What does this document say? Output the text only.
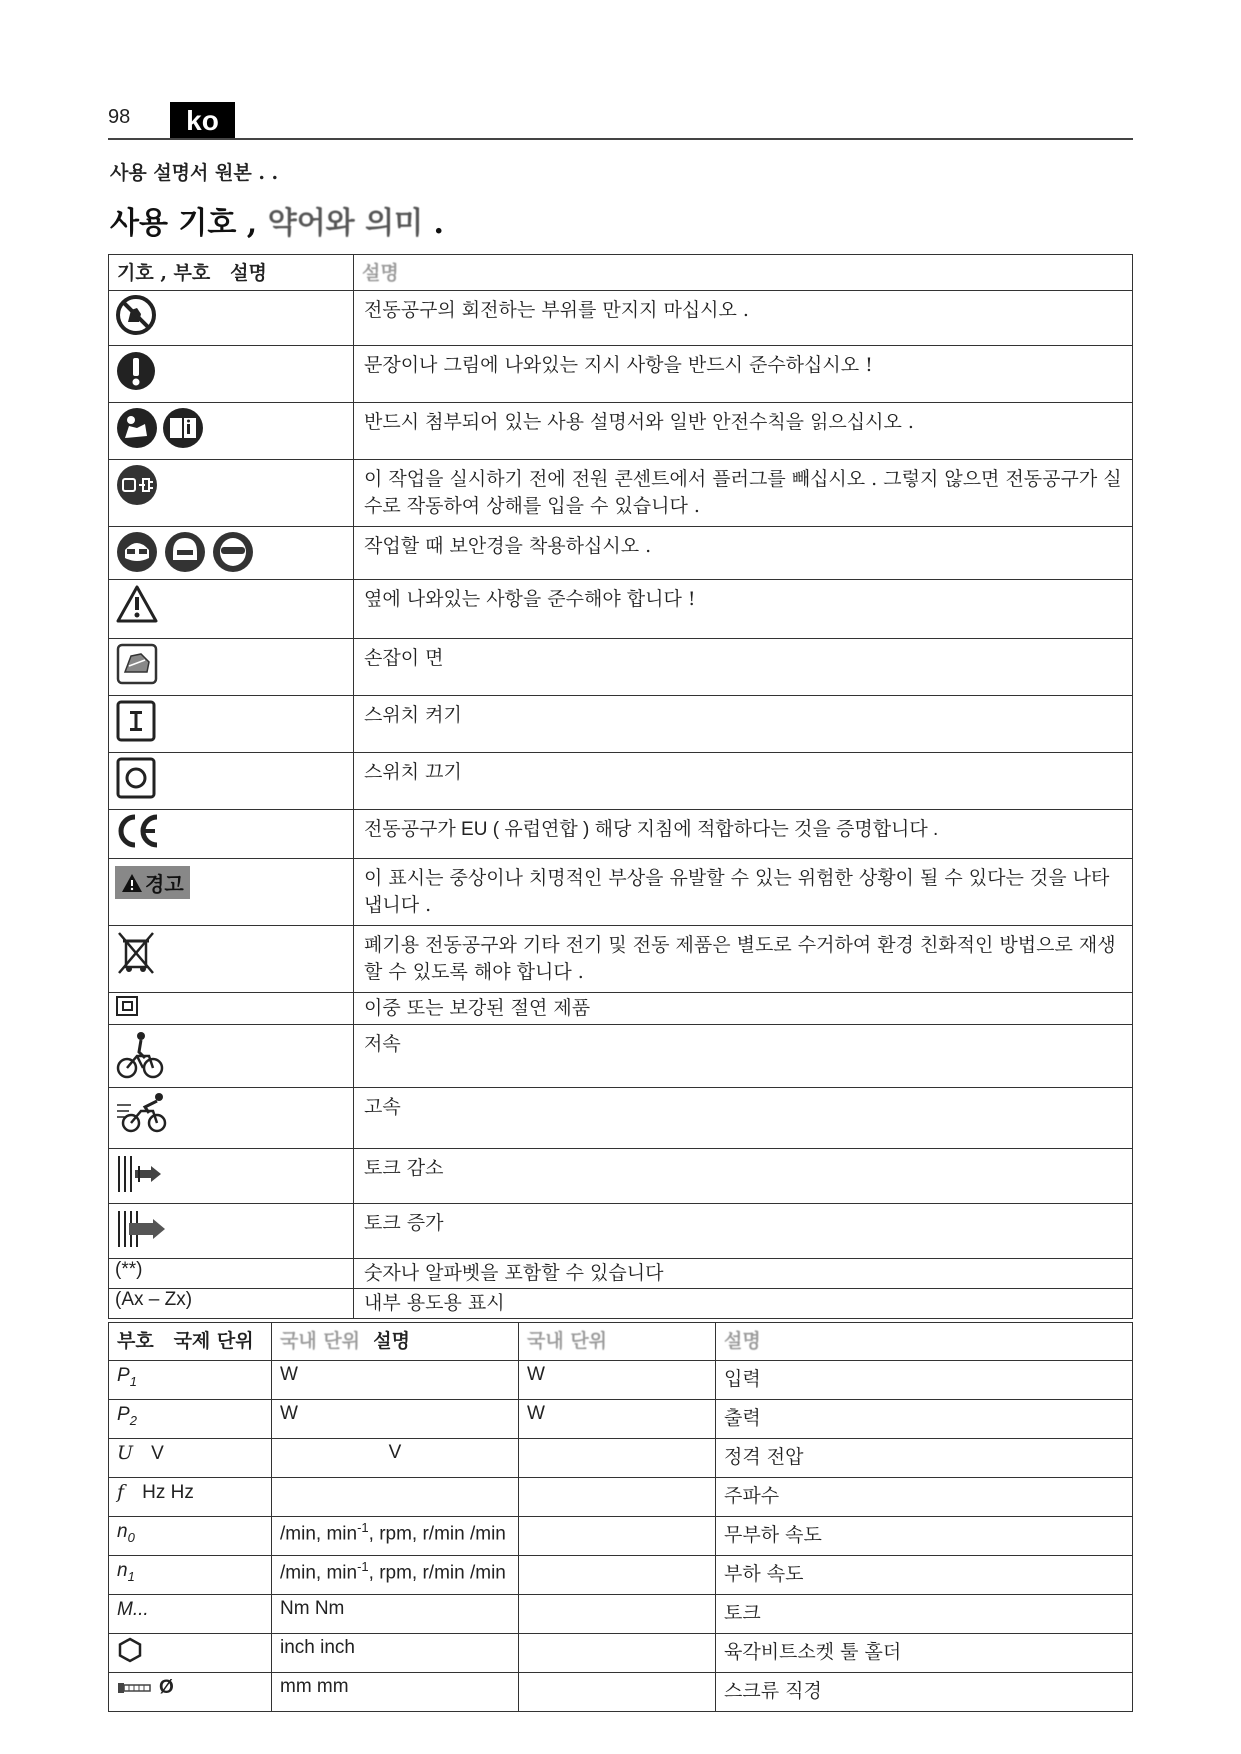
98	ko
사용 설명서 원본 . .
사용 기호 , 약어와 의미 .
기호 , 부호 설명	설명
	전동공구의 회전하는 부위를 만지지 마십시오 .
	문장이나 그림에 나와있는 지시 사항을 반드시 준수하십시오 !
	반드시 첨부되어 있는 사용 설명서와 일반 안전수칙을 읽으십시오 .
	이 작업을 실시하기 전에 전원 콘센트에서 플러그를 빼십시오 . 그렇지 않으면 전동공구가 실수로 작동하여 상해를 입을 수 있습니다 .
	작업할 때 보안경을 착용하십시오 .
	옆에 나와있는 사항을 준수해야 합니다 !
	손잡이 면
	스위치 켜기
	스위치 끄기
	전동공구가 EU ( 유럽연합 ) 해당 지침에 적합하다는 것을 증명합니다 .

경고	이 표시는 중상이나 치명적인 부상을 유발할 수 있는 위험한 상황이 될 수 있다는 것을 나타냅니다 .
	폐기용 전동공구와 기타 전기 및 전동 제품은 별도로 수거하여 환경 친화적인 방법으로 재생할 수 있도록 해야 합니다 .
	이중 또는 보강된 절연 제품
	저속
	고속
	토크 감소
	토크 증가
(**)	숫자나 알파벳을 포함할 수 있습니다
(Ax – Zx)	내부 용도용 표시
부호 국제 단위	국내 단위 설명	국내 단위	설명
$P_1$	W	W	입력
$P_2$	W	W	출력
U V	V		정격 전압
f Hz Hz			주파수
$n_0$	/min, $\min^{-1}$, rpm, r/min /min		무부하 속도
$n_1$	/min, $\min^{-1}$, rpm, r/min /min		부하 속도
M...	Nm Nm		토크
	inch inch		육각비트소켓 툴 홀더
Ø	mm mm		스크류 직경
